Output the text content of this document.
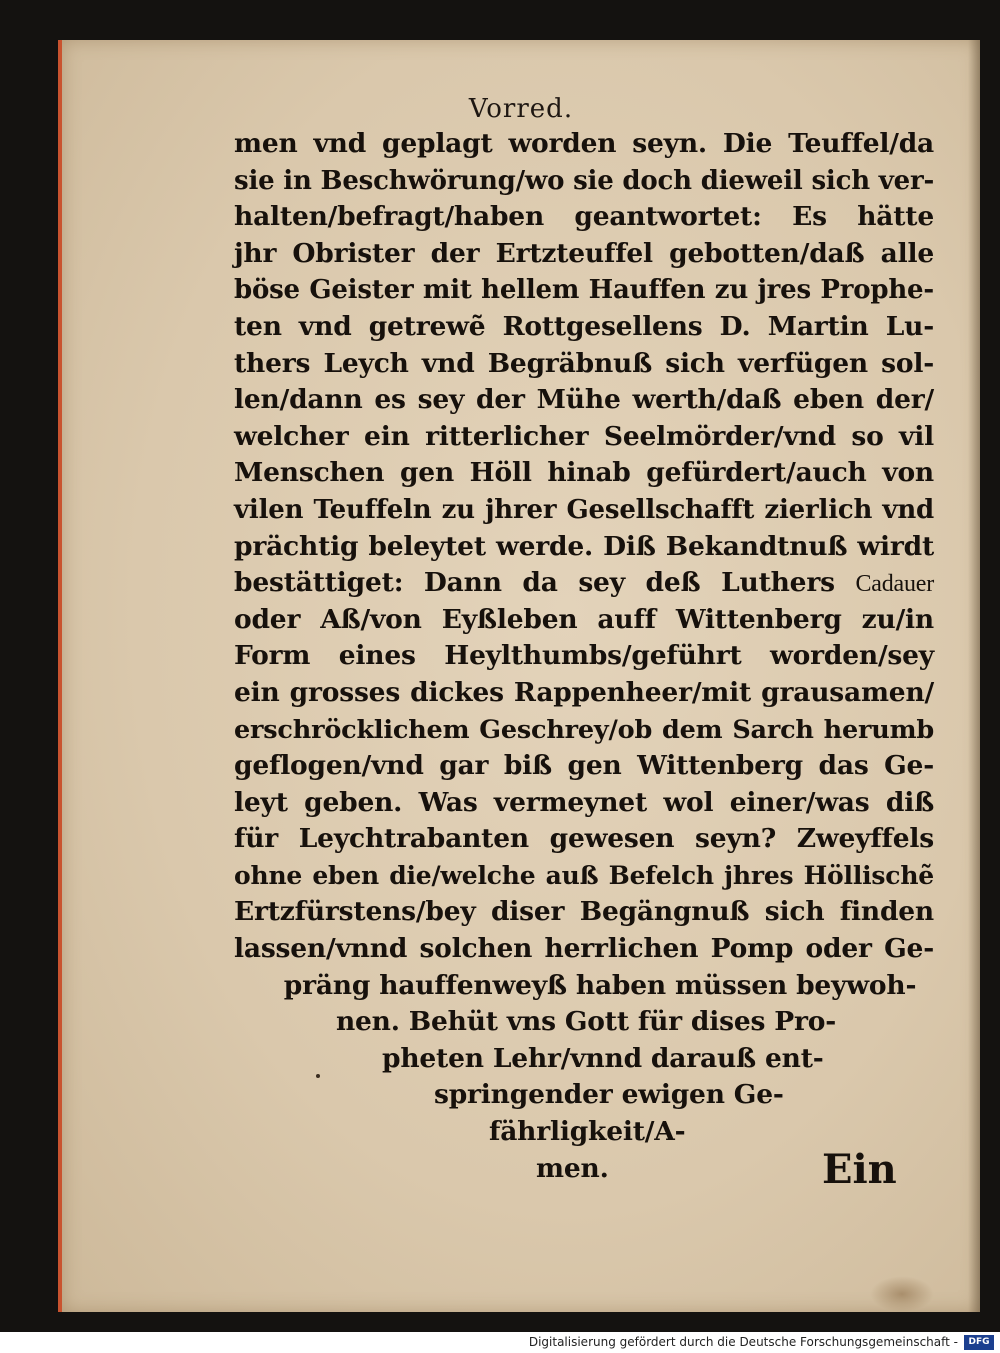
Vorred.
men vnd geplagt worden seyn. Die Teuffel/da
sie in Beschwörung/wo sie doch dieweil sich ver-
halten/befragt/haben geantwortet: Es hätte
jhr Obrister der Ertzteuffel gebotten/daß alle
böse Geister mit hellem Hauffen zu jres Prophe-
ten vnd getrewẽ Rottgesellens D. Martin Lu-
thers Leych vnd Begräbnuß sich verfügen sol-
len/dann es sey der Mühe werth/daß eben der/
welcher ein ritterlicher Seelmörder/vnd so vil
Menschen gen Höll hinab gefürdert/auch von
vilen Teuffeln zu jhrer Gesellschafft zierlich vnd
prächtig beleytet werde. Diß Bekandtnuß wirdt
bestättiget: Dann da sey deß Luthers Cadauer
oder Aß/von Eyßleben auff Wittenberg zu/in
Form eines Heylthumbs/geführt worden/sey
ein grosses dickes Rappenheer/mit grausamen/
erschröcklichem Geschrey/ob dem Sarch herumb
geflogen/vnd gar biß gen Wittenberg das Ge-
leyt geben. Was vermeynet wol einer/was diß
für Leychtrabanten gewesen seyn? Zweyffels
ohne eben die/welche auß Befelch jhres Höllischẽ
Ertzfürstens/bey diser Begängnuß sich finden
lassen/vnnd solchen herrlichen Pomp oder Ge-
präng hauffenweyß haben müssen beywoh-
nen. Behüt vns Gott für dises Pro-
pheten Lehr/vnnd darauß ent-
springender ewigen Ge-
fährligkeit/A-
men.	Ein
Digitalisierung gefördert durch die Deutsche Forschungsgemeinschaft -	DFG
